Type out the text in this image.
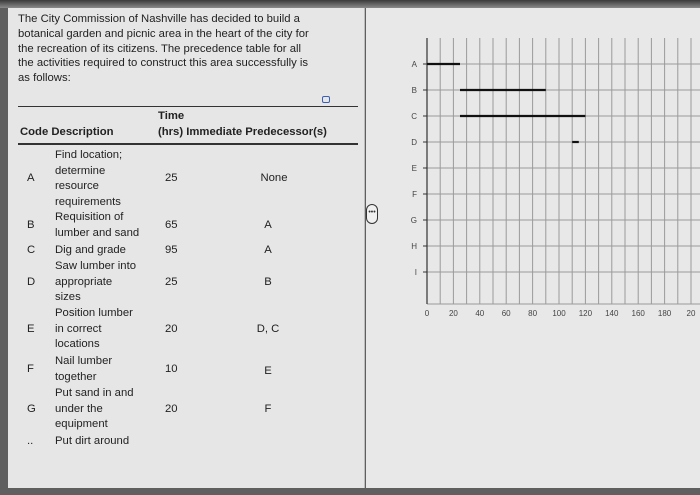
The City Commission of Nashville has decided to build a
botanical garden and picnic area in the heart of the city for
the recreation of its citizens. The precedence table for all
the activities required to construct this area successfully is
as follows:
Time
Code Description	(hrs) Immediate Predecessor(s)
A
Find location;
determine
resource
requirements
25	None
B
Requisition of
lumber and sand
65	A
C Dig and grade	95	A
D
Saw lumber into
appropriate
sizes
25	B
E
Position lumber
in correct
locations
20	D, C
F
Nail lumber
together
10	E
G
Put sand in and
under the
equipment
20	F
.. Put dirt around
A
B
C
D
E
F
G
H
I
0 20 40 60 80 100 120 140 160 180 20
•••
